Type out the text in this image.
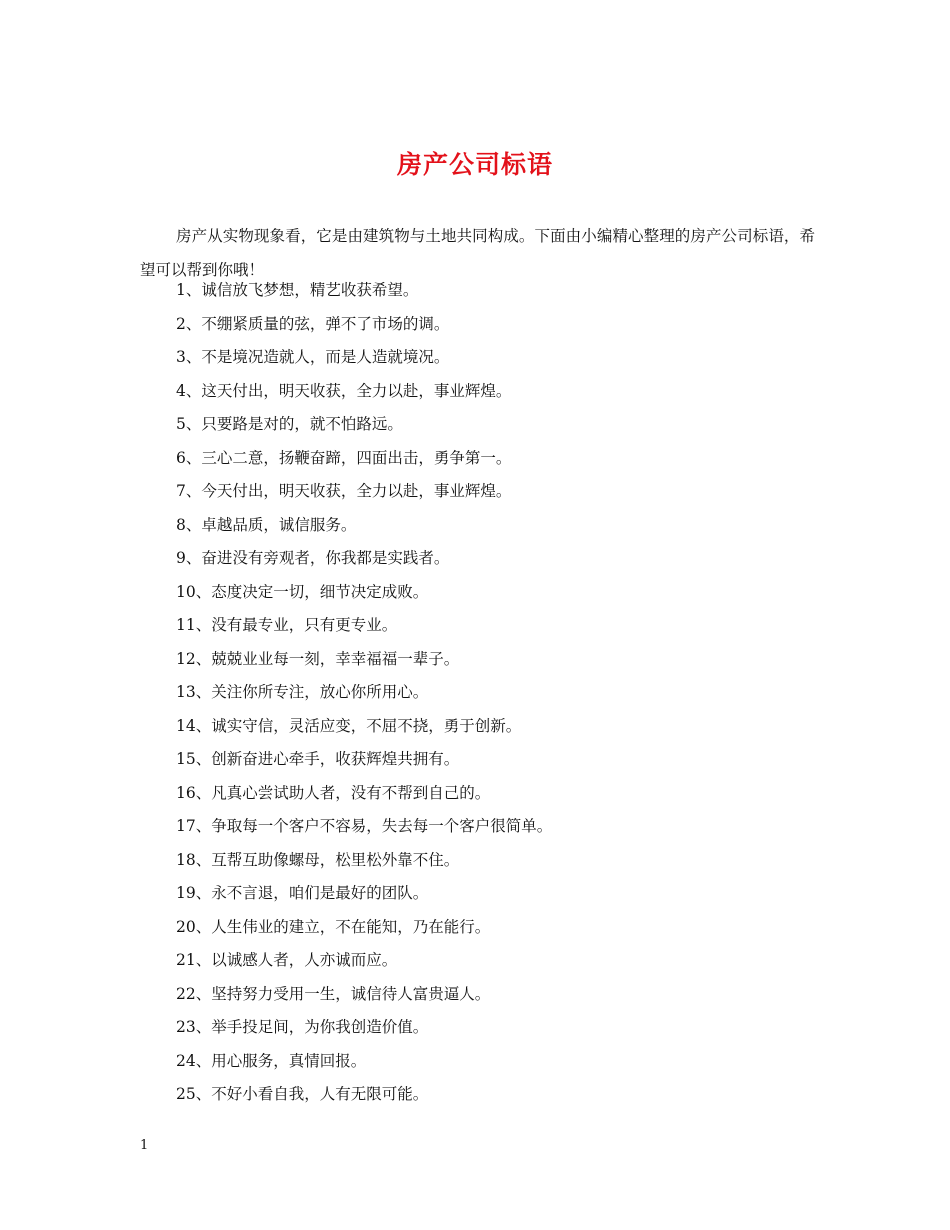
房产公司标语

房产从实物现象看，它是由建筑物与土地共同构成。下面由小编精心整理的房产公司标语，希望可以帮到你哦！

1、诚信放飞梦想，精艺收获希望。
2、不绷紧质量的弦，弹不了市场的调。
3、不是境况造就人，而是人造就境况。
4、这天付出，明天收获，全力以赴，事业辉煌。
5、只要路是对的，就不怕路远。
6、三心二意，扬鞭奋蹄，四面出击，勇争第一。
7、今天付出，明天收获，全力以赴，事业辉煌。
8、卓越品质，诚信服务。
9、奋进没有旁观者，你我都是实践者。
10、态度决定一切，细节决定成败。
11、没有最专业，只有更专业。
12、兢兢业业每一刻，幸幸福福一辈子。
13、关注你所专注，放心你所用心。
14、诚实守信，灵活应变，不屈不挠，勇于创新。
15、创新奋进心牵手，收获辉煌共拥有。
16、凡真心尝试助人者，没有不帮到自己的。
17、争取每一个客户不容易，失去每一个客户很简单。
18、互帮互助像螺母，松里松外靠不住。
19、永不言退，咱们是最好的团队。
20、人生伟业的建立，不在能知，乃在能行。
21、以诚感人者，人亦诚而应。
22、坚持努力受用一生，诚信待人富贵逼人。
23、举手投足间，为你我创造价值。
24、用心服务，真情回报。
25、不好小看自我，人有无限可能。
1
